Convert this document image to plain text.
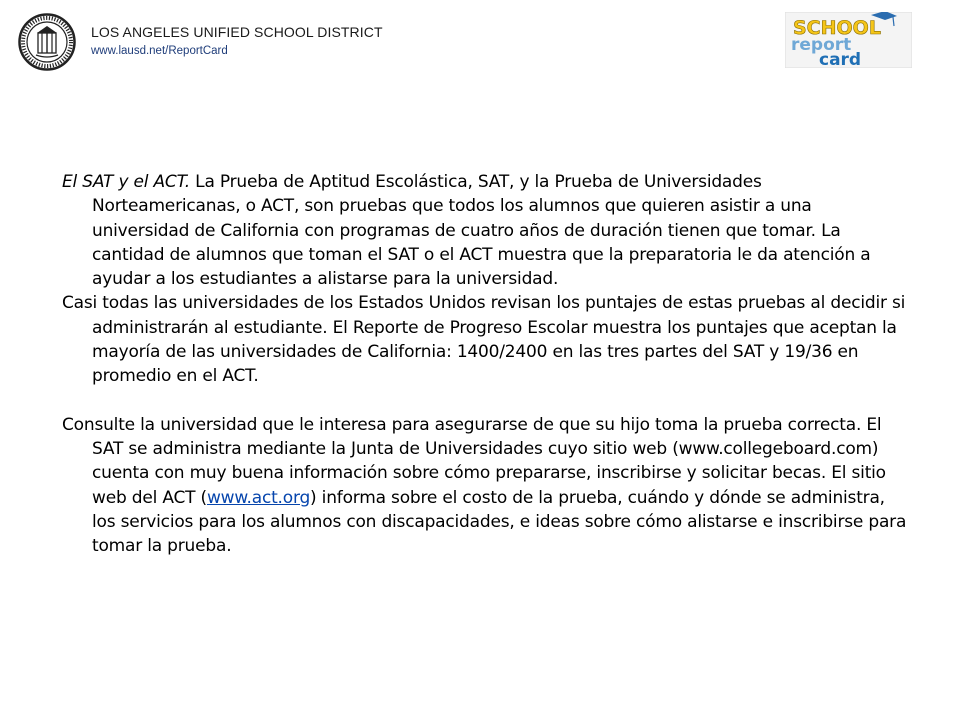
LOS ANGELES UNIFIED SCHOOL DISTRICT
www.lausd.net/ReportCard
SCHOOL
report
card

El SAT y el ACT. La Prueba de Aptitud Escolástica, SAT, y la Prueba de Universidades Norteamericanas, o ACT, son pruebas que todos los alumnos que quieren asistir a una universidad de California con programas de cuatro años de duración tienen que tomar. La cantidad de alumnos que toman el SAT o el ACT muestra que la preparatoria le da atención a ayudar a los estudiantes a alistarse para la universidad.

Casi todas las universidades de los Estados Unidos revisan los puntajes de estas pruebas al decidir si administrarán al estudiante. El Reporte de Progreso Escolar muestra los puntajes que aceptan la mayoría de las universidades de California: 1400/2400 en las tres partes del SAT y 19/36 en promedio en el ACT.

Consulte la universidad que le interesa para asegurarse de que su hijo toma la prueba correcta. El SAT se administra mediante la Junta de Universidades cuyo sitio web (www.collegeboard.com) cuenta con muy buena información sobre cómo prepararse, inscribirse y solicitar becas. El sitio web del ACT (www.act.org) informa sobre el costo de la prueba, cuándo y dónde se administra, los servicios para los alumnos con discapacidades, e ideas sobre cómo alistarse e inscribirse para tomar la prueba.
